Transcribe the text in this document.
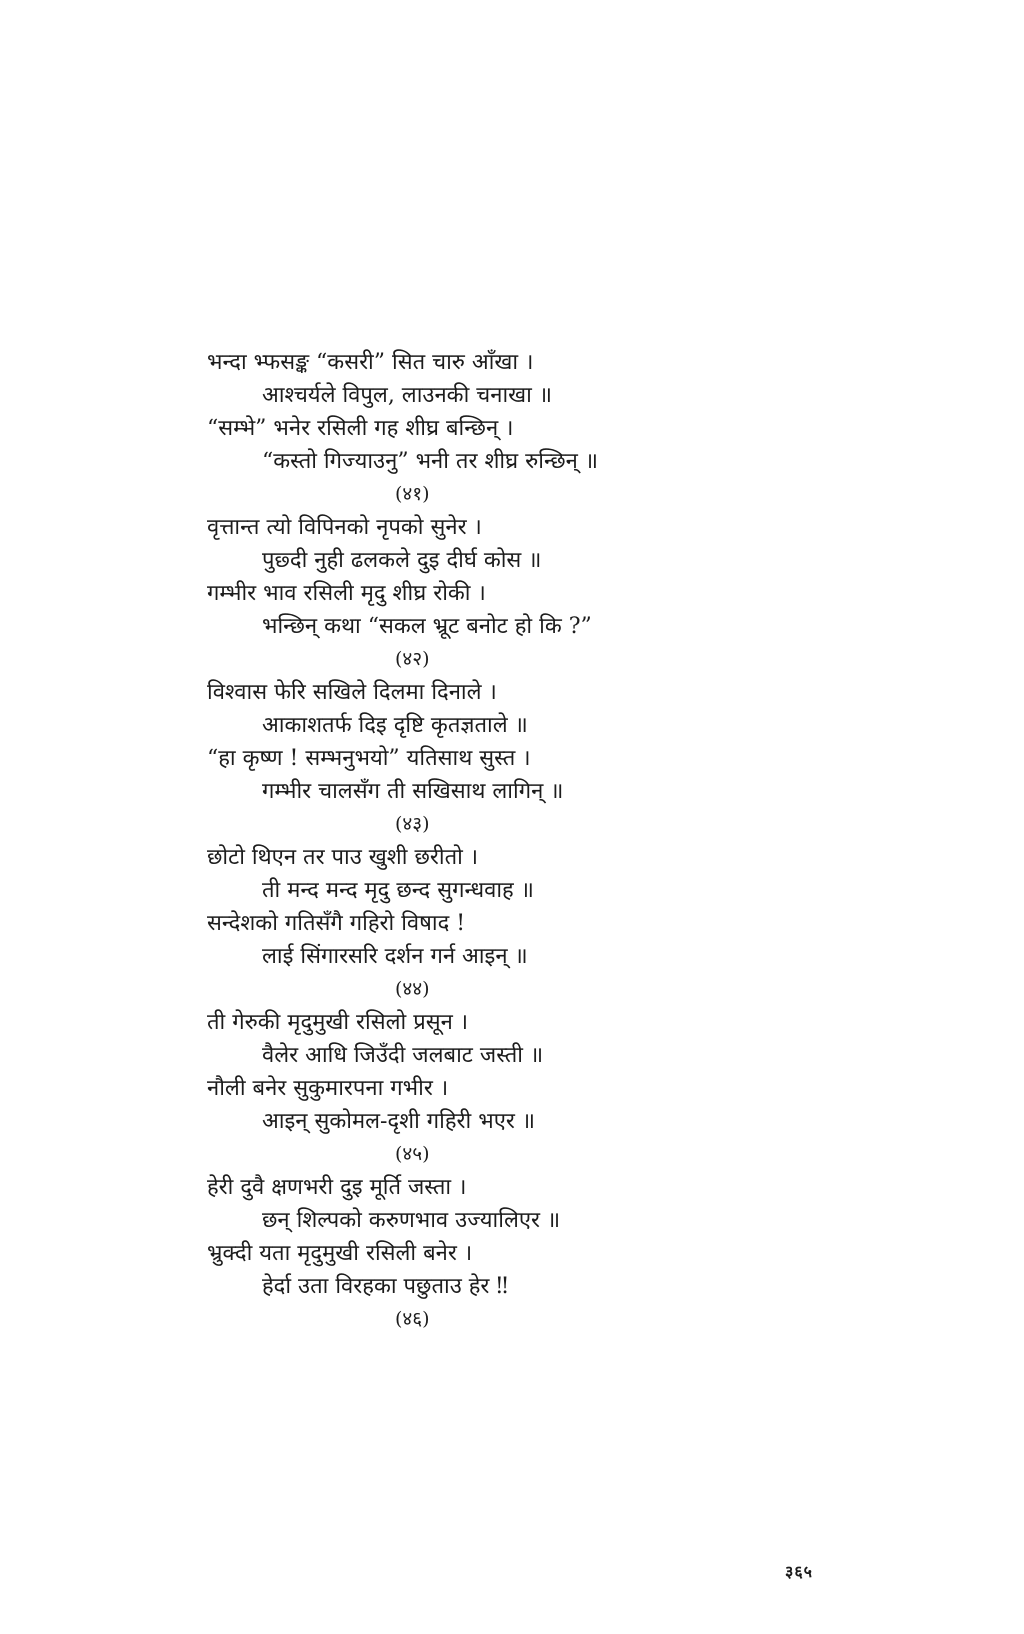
भन्दा भ्फसङ्क “कसरी” सित चारु आँखा ।
आश्चर्यले विपुल, लाउनकी चनाखा ॥
“सम्भे” भनेर रसिली गह शीघ्र बन्छिन् ।
“कस्तो गिज्याउनु” भनी तर शीघ्र रुन्छिन् ॥
(४१)
वृत्तान्त त्यो विपिनको नृपको सुनेर ।
पुछ्दी नुही ढलकले दुइ दीर्घ कोस ॥
गम्भीर भाव रसिली मृदु शीघ्र रोकी ।
भन्छिन् कथा “सकल भ्रूट बनोट हो कि ?”
(४२)
विश्वास फेरि सखिले दिलमा दिनाले ।
आकाशतर्फ दिइ दृष्टि कृतज्ञताले ॥
“हा कृष्ण ! सम्भनुभयो” यतिसाथ सुस्त ।
गम्भीर चालसँग ती सखिसाथ लागिन् ॥
(४३)
छोटो थिएन तर पाउ खुशी छरीतो ।
ती मन्द मन्द मृदु छन्द सुगन्धवाह ॥
सन्देशको गतिसँगै गहिरो विषाद !
लाई सिंगारसरि दर्शन गर्न आइन् ॥
(४४)
ती गेरुकी मृदुमुखी रसिलो प्रसून ।
वैलेर आधि जिउँदी जलबाट जस्ती ॥
नौली बनेर सुकुमारपना गभीर ।
आइन् सुकोमल-दृशी गहिरी भएर ॥
(४५)
हेरी दुवै क्षणभरी दुइ मूर्ति जस्ता ।
छन् शिल्पको करुणभाव उज्यालिएर ॥
भ्रुक्दी यता मृदुमुखी रसिली बनेर ।
हेर्दा उता विरहका पछुताउ हेर ‼
(४६)
३६५
